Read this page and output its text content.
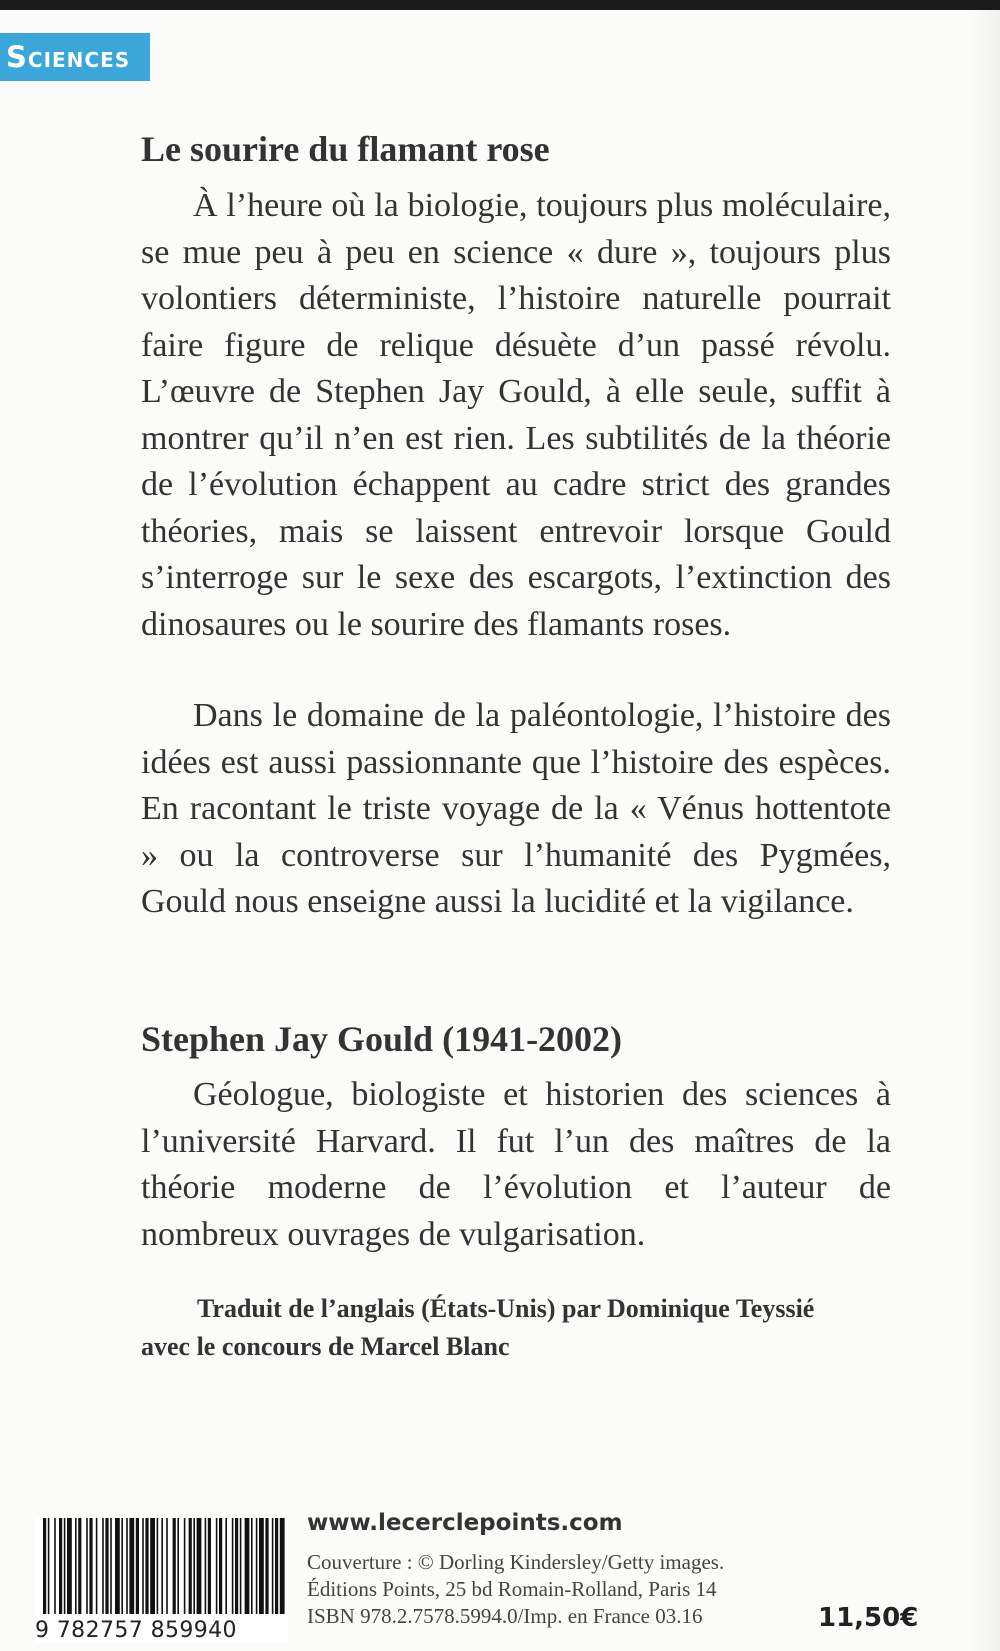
Sciences
Le sourire du flamant rose

À l’heure où la biologie, toujours plus moléculaire, se mue peu à peu en science « dure », toujours plus volontiers déterministe, l’histoire naturelle pourrait faire figure de relique désuète d’un passé révolu. L’œuvre de Stephen Jay Gould, à elle seule, suffit à montrer qu’il n’en est rien. Les subtilités de la théorie de l’évolution échappent au cadre strict des grandes théories, mais se laissent entrevoir lorsque Gould s’interroge sur le sexe des escargots, l’extinction des dinosaures ou le sourire des flamants roses.

Dans le domaine de la paléontologie, l’histoire des idées est aussi passionnante que l’histoire des espèces. En racontant le triste voyage de la « Vénus hottentote » ou la controverse sur l’humanité des Pygmées, Gould nous enseigne aussi la lucidité et la vigilance.

Stephen Jay Gould (1941-2002)

Géologue, biologiste et historien des sciences à l’université Harvard. Il fut l’un des maîtres de la théorie moderne de l’évolution et l’auteur de nombreux ouvrages de vulgarisation.

Traduit de l’anglais (États-Unis) par Dominique Teyssié
avec le concours de Marcel Blanc
9 782757 859940
www.lecerclepoints.com
Couverture : © Dorling Kindersley/Getty images.
Éditions Points, 25 bd Romain-Rolland, Paris 14
ISBN 978.2.7578.5994.0/Imp. en France 03.16	11,50€
